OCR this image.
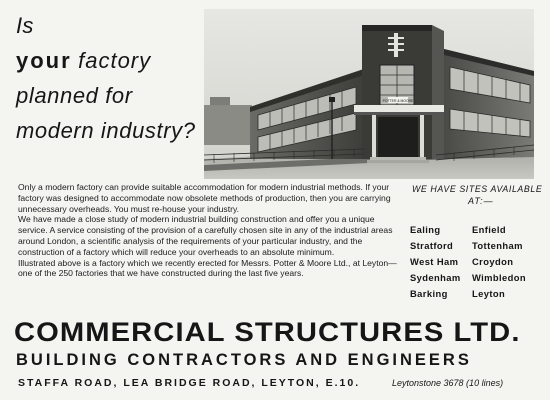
Is
your factory
planned for
modern industry?
POTTER & MOORE

Only a modern factory can provide suitable accommodation for modern industrial methods. If your factory was designed to accommodate now obsolete methods of production, then you are carrying unnecessary overheads. You must re-house your industry.

We have made a close study of modern industrial building construction and offer you a unique service. A service consisting of the provision of a carefully chosen site in any of the industrial areas around London, a scientific analysis of the requirements of your particular industry, and the construction of a factory which will reduce your overheads to an absolute minimum.

Illustrated above is a factory which we recently erected for Messrs. Potter & Moore Ltd., at Leyton—one of the 250 factories that we have constructed during the last five years.

WE HAVE SITES AVAILABLE
AT:—
Ealing	Enfield
Stratford	Tottenham
West Ham	Croydon
Sydenham	Wimbledon
Barking	Leyton
COMMERCIAL STRUCTURES LTD.
BUILDING CONTRACTORS AND ENGINEERS
STAFFA ROAD, LEA BRIDGE ROAD, LEYTON, E.10.	Leytonstone 3678 (10 lines)
